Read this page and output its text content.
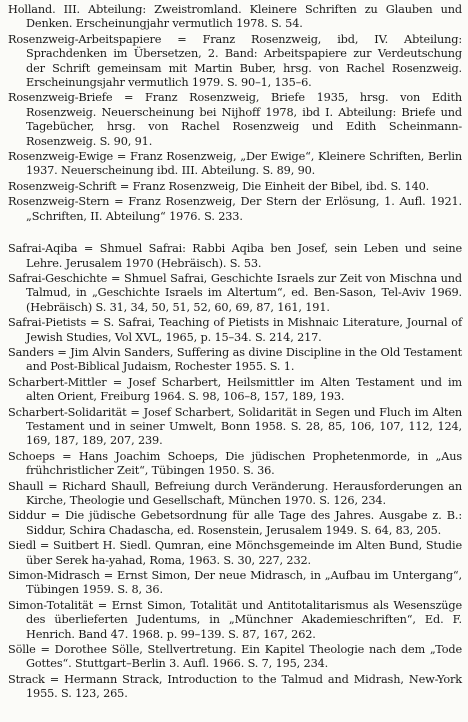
Holland. III. Abteilung: Zweistromland. Kleinere Schriften zu Glauben und Denken. Erscheinungjahr vermutlich 1978. S. 54.
Rosenzweig-Arbeitspapiere = Franz Rosenzweig, ibd, IV. Abteilung: Sprachdenken im Übersetzen, 2. Band: Arbeitspapiere zur Verdeutschung der Schrift gemeinsam mit Martin Buber, hrsg. von Rachel Rosenzweig. Erscheinungsjahr vermutlich 1979. S. 90–1, 135–6.
Rosenzweig-Briefe = Franz Rosenzweig, Briefe 1935, hrsg. von Edith Rosenzweig. Neuerscheinung bei Nijhoff 1978, ibd I. Abteilung: Briefe und Tagebücher, hrsg. von Rachel Rosenzweig und Edith Scheinmann-Rosenzweig. S. 90, 91.
Rosenzweig-Ewige = Franz Rosenzweig, „Der Ewige“, Kleinere Schriften, Berlin 1937. Neuerscheinung ibd. III. Abteilung. S. 89, 90.
Rosenzweig-Schrift = Franz Rosenzweig, Die Einheit der Bibel, ibd. S. 140.
Rosenzweig-Stern = Franz Rosenzweig, Der Stern der Erlösung, 1. Aufl. 1921. „Schriften, II. Abteilung“ 1976. S. 233.
Safrai-Aqiba = Shmuel Safrai: Rabbi Aqiba ben Josef, sein Leben und seine Lehre. Jerusalem 1970 (Hebräisch). S. 53.
Safrai-Geschichte = Shmuel Safrai, Geschichte Israels zur Zeit von Mischna und Talmud, in „Geschichte Israels im Altertum“, ed. Ben-Sason, Tel-Aviv 1969. (Hebräisch) S. 31, 34, 50, 51, 52, 60, 69, 87, 161, 191.
Safrai-Pietists = S. Safrai, Teaching of Pietists in Mishnaic Literature, Journal of Jewish Studies, Vol XVL, 1965, p. 15–34. S. 214, 217.
Sanders = Jim Alvin Sanders, Suffering as divine Discipline in the Old Testament and Post-Biblical Judaism, Rochester 1955. S. 1.
Scharbert-Mittler = Josef Scharbert, Heilsmittler im Alten Testament und im alten Orient, Freiburg 1964. S. 98, 106–8, 157, 189, 193.
Scharbert-Solidarität = Josef Scharbert, Solidarität in Segen und Fluch im Alten Testament und in seiner Umwelt, Bonn 1958. S. 28, 85, 106, 107, 112, 124, 169, 187, 189, 207, 239.
Schoeps = Hans Joachim Schoeps, Die jüdischen Prophetenmorde, in „Aus frühchristlicher Zeit“, Tübingen 1950. S. 36.
Shaull = Richard Shaull, Befreiung durch Veränderung. Herausforderungen an Kirche, Theologie und Gesellschaft, München 1970. S. 126, 234.
Siddur = Die jüdische Gebetsordnung für alle Tage des Jahres. Ausgabe z. B.: Siddur, Schira Chadascha, ed. Rosenstein, Jerusalem 1949. S. 64, 83, 205.
Siedl = Suitbert H. Siedl. Qumran, eine Mönchsgemeinde im Alten Bund, Studie über Serek ha-yahad, Roma, 1963. S. 30, 227, 232.
Simon-Midrasch = Ernst Simon, Der neue Midrasch, in „Aufbau im Untergang“, Tübingen 1959. S. 8, 36.
Simon-Totalität = Ernst Simon, Totalität und Antitotalitarismus als Wesenszüge des überlieferten Judentums, in „Münchner Akademieschriften“, Ed. F. Henrich. Band 47. 1968. p. 99–139. S. 87, 167, 262.
Sölle = Dorothee Sölle, Stellvertretung. Ein Kapitel Theologie nach dem „Tode Gottes“. Stuttgart–Berlin 3. Aufl. 1966. S. 7, 195, 234.
Strack = Hermann Strack, Introduction to the Talmud and Midrash, New-York 1955. S. 123, 265.
